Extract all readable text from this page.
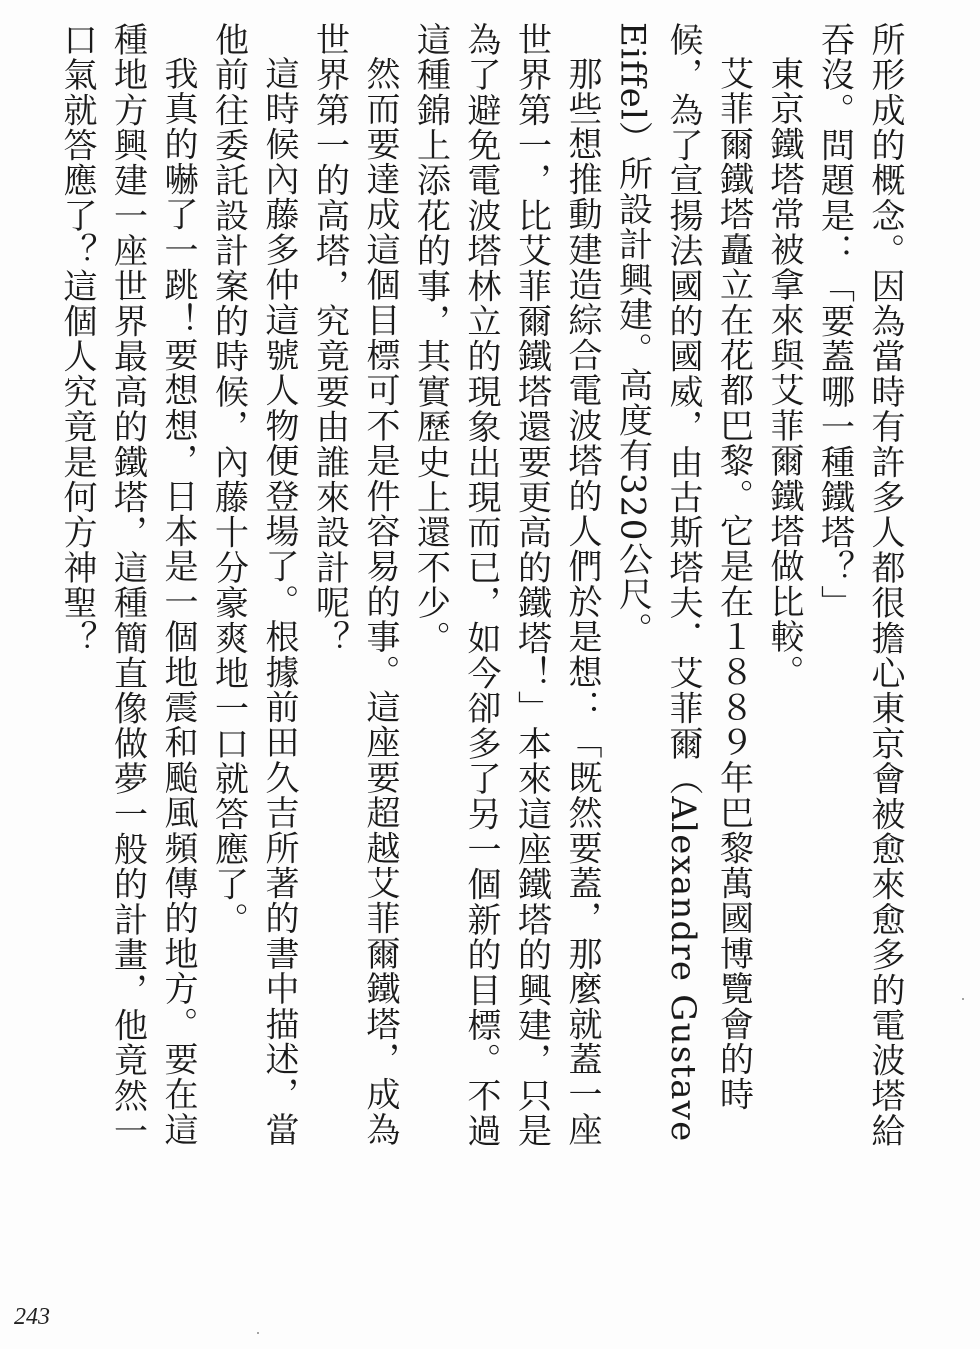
所形成的概念。因為當時有許多人都很擔心東京會被愈來愈多的電波塔給吞沒。問題是：「要蓋哪一種鐵塔？」

東京鐵塔常被拿來與艾菲爾鐵塔做比較。

艾菲爾鐵塔矗立在花都巴黎。它是在１８８９年巴黎萬國博覽會的時候，為了宣揚法國的國威，由古斯塔夫．艾菲爾（Alexandre Gustave Eiffel）所設計興建。高度有320公尺。

那些想推動建造綜合電波塔的人們於是想：「既然要蓋，那麼就蓋一座世界第一，比艾菲爾鐵塔還要更高的鐵塔！」本來這座鐵塔的興建，只是為了避免電波塔林立的現象出現而已，如今卻多了另一個新的目標。不過這種錦上添花的事，其實歷史上還不少。

然而要達成這個目標可不是件容易的事。這座要超越艾菲爾鐵塔，成為世界第一的高塔，究竟要由誰來設計呢？

這時候內藤多仲這號人物便登場了。根據前田久吉所著的書中描述，當他前往委託設計案的時候，內藤十分豪爽地一口就答應了。

我真的嚇了一跳！要想想，日本是一個地震和颱風頻傳的地方。要在這種地方興建一座世界最高的鐵塔，這種簡直像做夢一般的計畫，他竟然一口氣就答應了？這個人究竟是何方神聖？

243
